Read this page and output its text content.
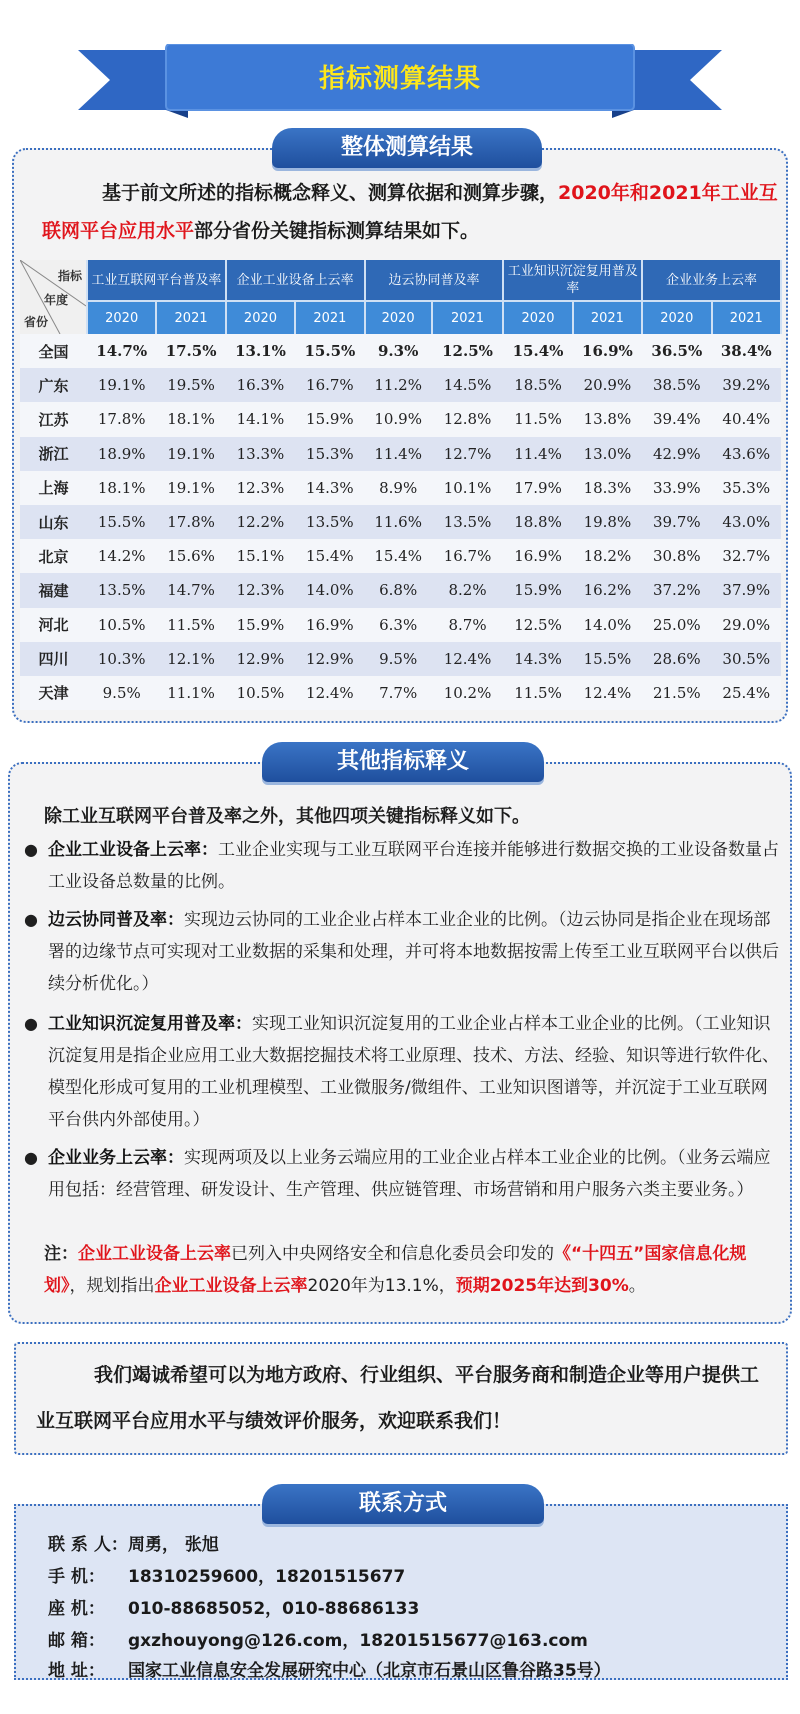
指标测算结果
整体测算结果

基于前文所述的指标概念释义、测算依据和测算步骤，2020年和2021年工业互联网平台应用水平部分省份关键指标测算结果如下。

指标
年度
省份	工业互联网平台普及率		企业工业设备上云率		边云协同普及率		工业知识沉淀复用普及率		企业业务上云率	
	2020	2021	2020	2021	2020	2021	2020	2021	2020	2021
全国	14.7%	17.5%	13.1%	15.5%	9.3%	12.5%	15.4%	16.9%	36.5%	38.4%
广东	19.1%	19.5%	16.3%	16.7%	11.2%	14.5%	18.5%	20.9%	38.5%	39.2%
江苏	17.8%	18.1%	14.1%	15.9%	10.9%	12.8%	11.5%	13.8%	39.4%	40.4%
浙江	18.9%	19.1%	13.3%	15.3%	11.4%	12.7%	11.4%	13.0%	42.9%	43.6%
上海	18.1%	19.1%	12.3%	14.3%	8.9%	10.1%	17.9%	18.3%	33.9%	35.3%
山东	15.5%	17.8%	12.2%	13.5%	11.6%	13.5%	18.8%	19.8%	39.7%	43.0%
北京	14.2%	15.6%	15.1%	15.4%	15.4%	16.7%	16.9%	18.2%	30.8%	32.7%
福建	13.5%	14.7%	12.3%	14.0%	6.8%	8.2%	15.9%	16.2%	37.2%	37.9%
河北	10.5%	11.5%	15.9%	16.9%	6.3%	8.7%	12.5%	14.0%	25.0%	29.0%
四川	10.3%	12.1%	12.9%	12.9%	9.5%	12.4%	14.3%	15.5%	28.6%	30.5%
天津	9.5%	11.1%	10.5%	12.4%	7.7%	10.2%	11.5%	12.4%	21.5%	25.4%
其他指标释义
除工业互联网平台普及率之外，其他四项关键指标释义如下。
● 企业工业设备上云率：工业企业实现与工业互联网平台连接并能够进行数据交换的工业设备数量占工业设备总数量的比例。
● 边云协同普及率：实现边云协同的工业企业占样本工业企业的比例。（边云协同是指企业在现场部署的边缘节点可实现对工业数据的采集和处理，并可将本地数据按需上传至工业互联网平台以供后续分析优化。）
● 工业知识沉淀复用普及率：实现工业知识沉淀复用的工业企业占样本工业企业的比例。（工业知识沉淀复用是指企业应用工业大数据挖掘技术将工业原理、技术、方法、经验、知识等进行软件化、模型化形成可复用的工业机理模型、工业微服务/微组件、工业知识图谱等，并沉淀于工业互联网平台供内外部使用。）
● 企业业务上云率：实现两项及以上业务云端应用的工业企业占样本工业企业的比例。（业务云端应用包括：经营管理、研发设计、生产管理、供应链管理、市场营销和用户服务六类主要业务。）

注：企业工业设备上云率已列入中央网络安全和信息化委员会印发的《“十四五”国家信息化规划》，规划指出企业工业设备上云率2020年为13.1%，预期2025年达到30%。

我们竭诚希望可以为地方政府、行业组织、平台服务商和制造企业等用户提供工业互联网平台应用水平与绩效评价服务，欢迎联系我们！

联系方式
联 系 人：周勇， 张旭
手 机： 18310259600，18201515677
座 机： 010-88685052，010-88686133
邮 箱： gxzhouyong@126.com，18201515677@163.com
地 址： 国家工业信息安全发展研究中心（北京市石景山区鲁谷路35号）
